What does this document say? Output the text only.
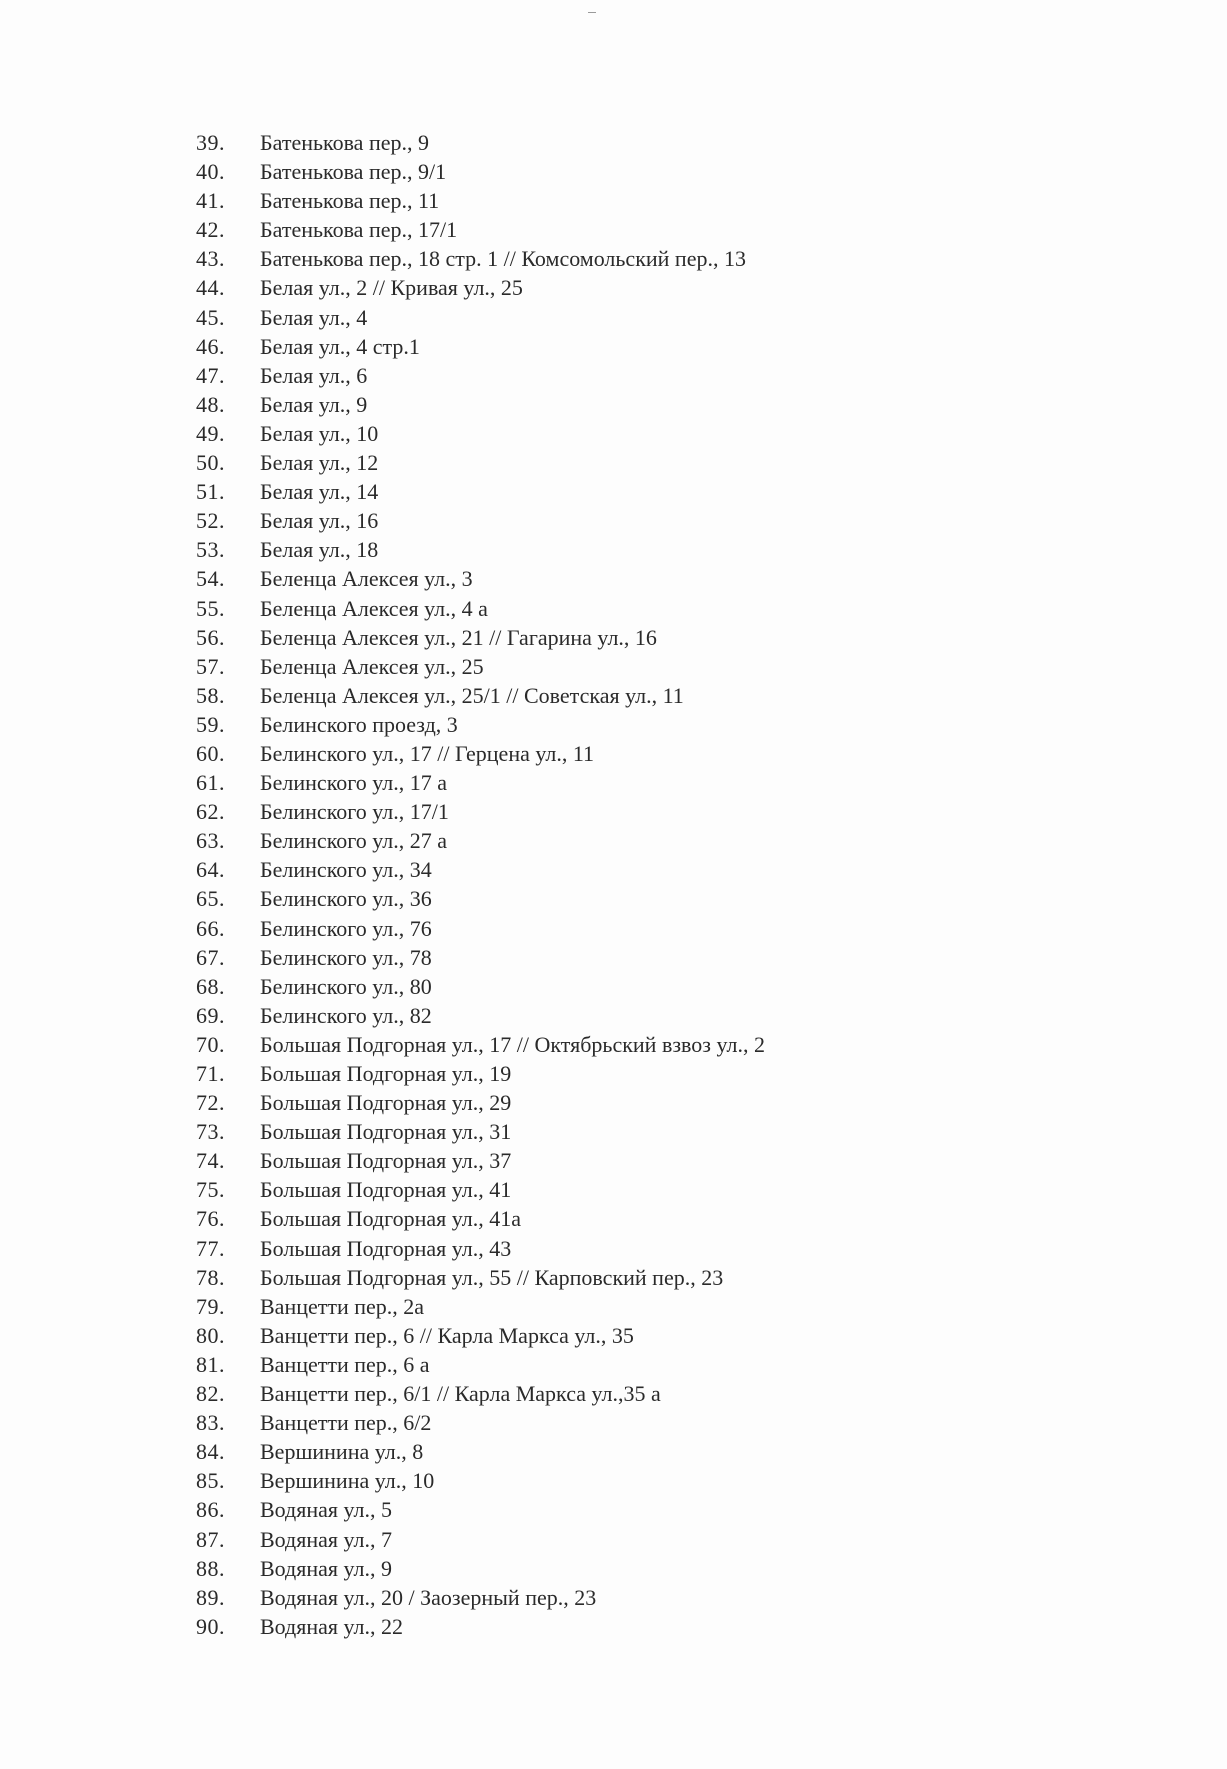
39.	Батенькова пер., 9
40.	Батенькова пер., 9/1
41.	Батенькова пер., 11
42.	Батенькова пер., 17/1
43.	Батенькова пер., 18 стр. 1 // Комсомольский пер., 13
44.	Белая ул., 2 // Кривая ул., 25
45.	Белая ул., 4
46.	Белая ул., 4 стр.1
47.	Белая ул., 6
48.	Белая ул., 9
49.	Белая ул., 10
50.	Белая ул., 12
51.	Белая ул., 14
52.	Белая ул., 16
53.	Белая ул., 18
54.	Беленца Алексея ул., 3
55.	Беленца Алексея ул., 4 а
56.	Беленца Алексея ул., 21 // Гагарина ул., 16
57.	Беленца Алексея ул., 25
58.	Беленца Алексея ул., 25/1 // Советская ул., 11
59.	Белинского проезд, 3
60.	Белинского ул., 17 // Герцена ул., 11
61.	Белинского ул., 17 а
62.	Белинского ул., 17/1
63.	Белинского ул., 27 а
64.	Белинского ул., 34
65.	Белинского ул., 36
66.	Белинского ул., 76
67.	Белинского ул., 78
68.	Белинского ул., 80
69.	Белинского ул., 82
70.	Большая Подгорная ул., 17 // Октябрьский взвоз ул., 2
71.	Большая Подгорная ул., 19
72.	Большая Подгорная ул., 29
73.	Большая Подгорная ул., 31
74.	Большая Подгорная ул., 37
75.	Большая Подгорная ул., 41
76.	Большая Подгорная ул., 41а
77.	Большая Подгорная ул., 43
78.	Большая Подгорная ул., 55 // Карповский пер., 23
79.	Ванцетти пер., 2а
80.	Ванцетти пер., 6 // Карла Маркса ул., 35
81.	Ванцетти пер., 6 а
82.	Ванцетти пер., 6/1 // Карла Маркса ул.,35 а
83.	Ванцетти пер., 6/2
84.	Вершинина ул., 8
85.	Вершинина ул., 10
86.	Водяная ул., 5
87.	Водяная ул., 7
88.	Водяная ул., 9
89.	Водяная ул., 20 / Заозерный пер., 23
90.	Водяная ул., 22
